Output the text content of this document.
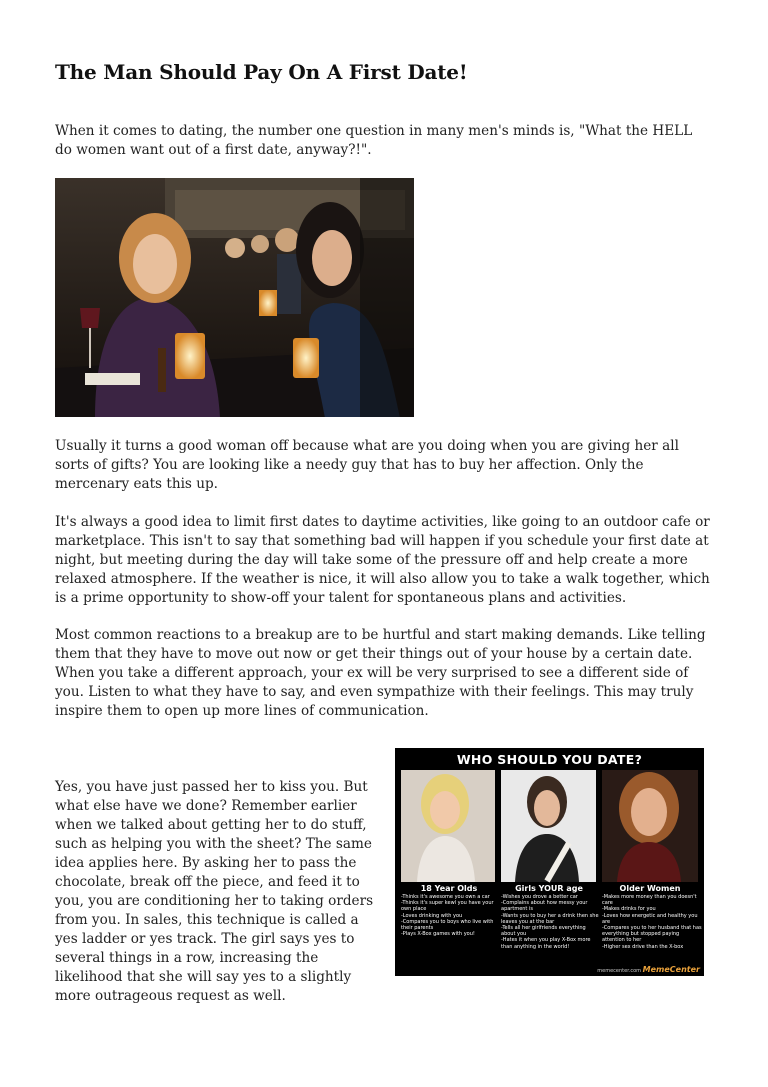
The Man Should Pay On A First Date!

When it comes to dating, the number one question in many men's minds is, "What the HELL do women want out of a first date, anyway?!".

Usually it turns a good woman off because what are you doing when you are giving her all sorts of gifts? You are looking like a needy guy that has to buy her affection. Only the mercenary eats this up.

It's always a good idea to limit first dates to daytime activities, like going to an outdoor cafe or marketplace. This isn't to say that something bad will happen if you schedule your first date at night, but meeting during the day will take some of the pressure off and help create a more relaxed atmosphere. If the weather is nice, it will also allow you to take a walk together, which is a prime opportunity to show-off your talent for spontaneous plans and activities.

Most common reactions to a breakup are to be hurtful and start making demands. Like telling them that they have to move out now or get their things out of your house by a certain date. When you take a different approach, your ex will be very surprised to see a different side of you. Listen to what they have to say, and even sympathize with their feelings. This may truly inspire them to open up more lines of communication.

Yes, you have just passed her to kiss you. But what else have we done? Remember earlier when we talked about getting her to do stuff, such as helping you with the sheet? The same idea applies here. By asking her to pass the chocolate, break off the piece, and feed it to you, you are conditioning her to taking orders from you. In sales, this technique is called a yes ladder or yes track. The girl says yes to several things in a row, increasing the likelihood that she will say yes to a slightly more outrageous request as well.

WHO SHOULD YOU DATE?
18 Year Olds	Girls YOUR age	Older Women
-Thinks it's awesome you own a car
-Thinks it's super kewl you have your own place
-Loves drinking with you
-Compares you to boys who live with their parents
-Plays X-Box games with you!
-Wishes you drove a better car
-Complains about how messy your apartment is
-Wants you to buy her a drink then she leaves you at the bar
-Tells all her girlfriends everything about you
-Hates it when you play X-Box more than anything in the world!
-Makes more money than you doesn't care
-Makes drinks for you
-Loves how energetic and healthy you are
-Compares you to her husband that has everything but stopped paying attention to her
-Higher sex drive than the X-box
memecenter.com MemeCenter
